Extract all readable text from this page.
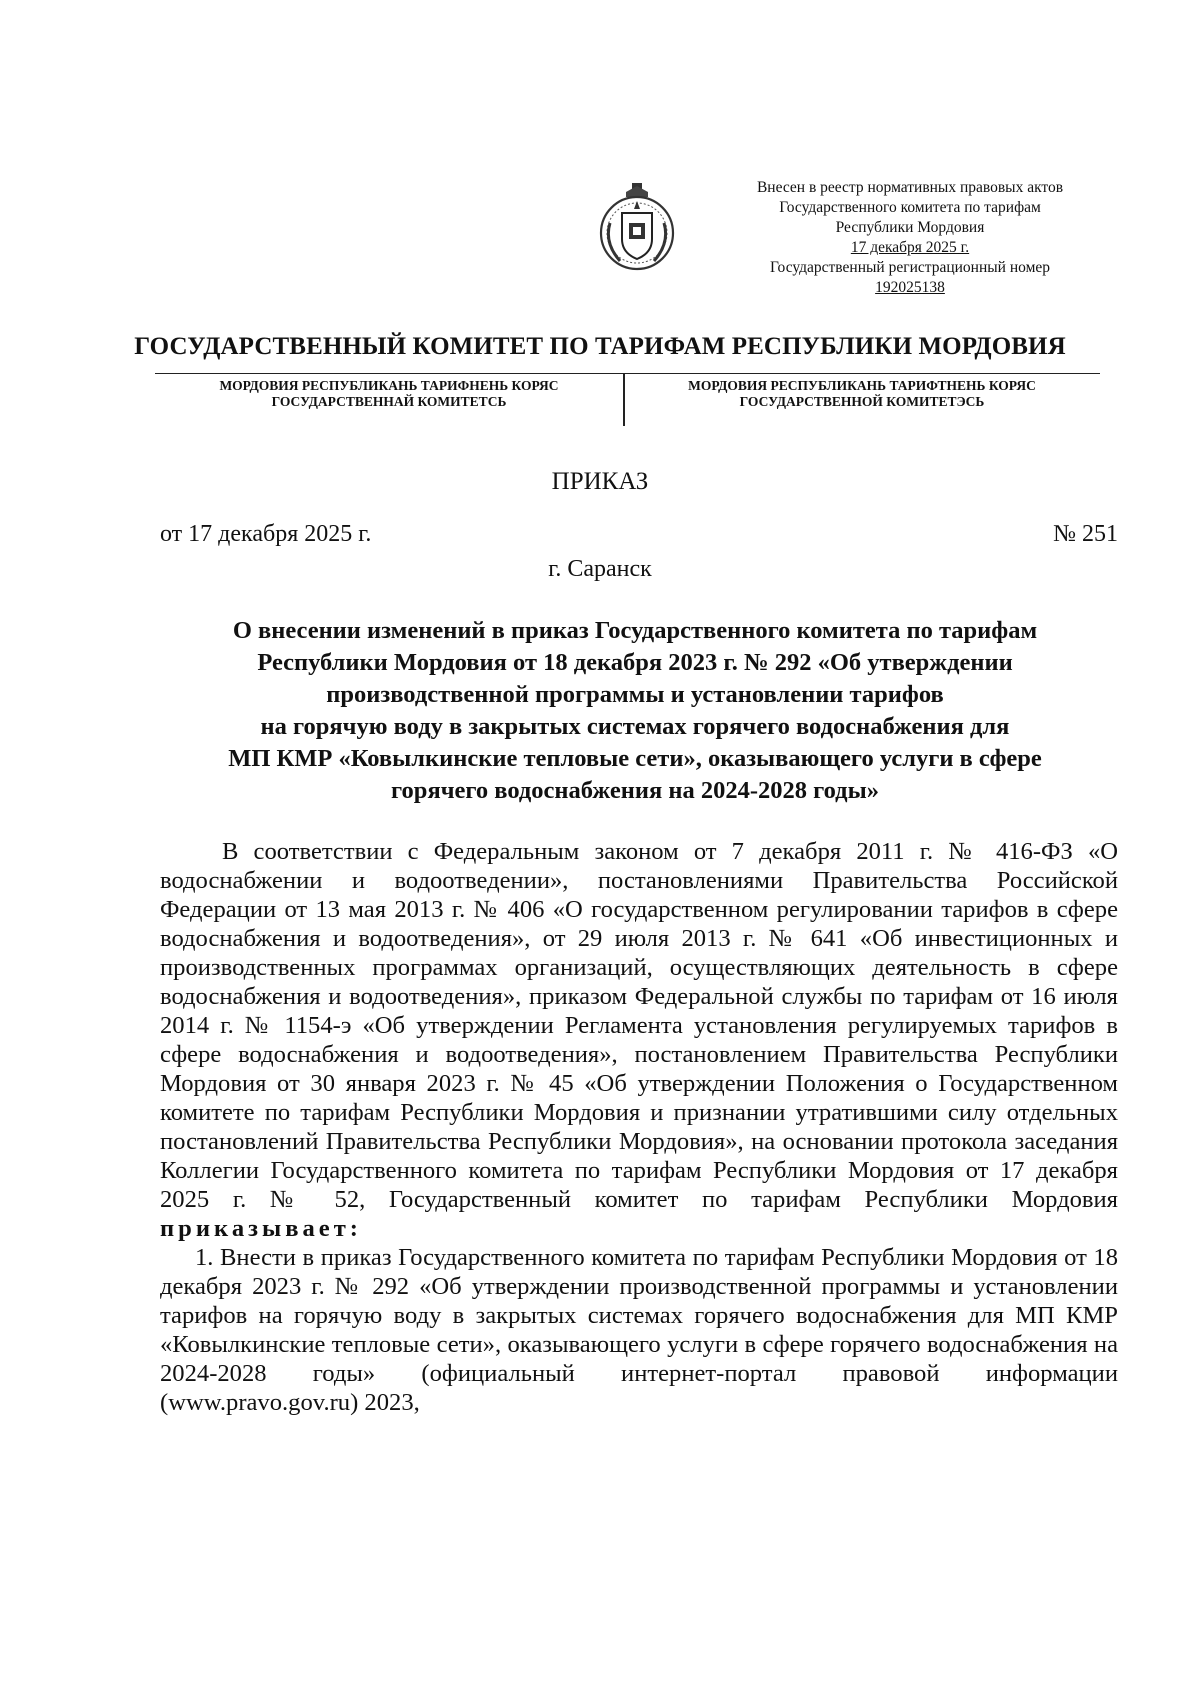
Внесен в реестр нормативных правовых актов
Государственного комитета по тарифам
Республики Мордовия
17 декабря 2025 г.
Государственный регистрационный номер
192025138
ГОСУДАРСТВЕННЫЙ КОМИТЕТ ПО ТАРИФАМ РЕСПУБЛИКИ МОРДОВИЯ
МОРДОВИЯ РЕСПУБЛИКАНЬ ТАРИФНЕНЬ КОРЯС
ГОСУДАРСТВЕННАЙ КОМИТЕТСЬ
МОРДОВИЯ РЕСПУБЛИКАНЬ ТАРИФТНЕНЬ КОРЯС
ГОСУДАРСТВЕННОЙ КОМИТЕТЭСЬ
ПРИКАЗ
от 17 декабря 2025 г.	№ 251
г. Саранск
О внесении изменений в приказ Государственного комитета по тарифам
Республики Мордовия от 18 декабря 2023 г. № 292 «Об утверждении
производственной программы и установлении тарифов
на горячую воду в закрытых системах горячего водоснабжения для
МП КМР «Ковылкинские тепловые сети», оказывающего услуги в сфере
горячего водоснабжения на 2024-2028 годы»

В соответствии с Федеральным законом от 7 декабря 2011 г. № 416-ФЗ «О водоснабжении и водоотведении», постановлениями Правительства Российской Федерации от 13 мая 2013 г. № 406 «О государственном регулировании тарифов в сфере водоснабжения и водоотведения», от 29 июля 2013 г. № 641 «Об инвестиционных и производственных программах организаций, осуществляющих деятельность в сфере водоснабжения и водоотведения», приказом Федеральной службы по тарифам от 16 июля 2014 г. № 1154-э «Об утверждении Регламента установления регулируемых тарифов в сфере водоснабжения и водоотведения», постановлением Правительства Республики Мордовия от 30 января 2023 г. № 45 «Об утверждении Положения о Государственном комитете по тарифам Республики Мордовия и признании утратившими силу отдельных постановлений Правительства Республики Мордовия», на основании протокола заседания Коллегии Государственного комитета по тарифам Республики Мордовия от 17 декабря 2025 г. № 52, Государственный комитет по тарифам Республики Мордовия приказывает:

1. Внести в приказ Государственного комитета по тарифам Республики Мордовия от 18 декабря 2023 г. № 292 «Об утверждении производственной программы и установлении тарифов на горячую воду в закрытых системах горячего водоснабжения для МП КМР «Ковылкинские тепловые сети», оказывающего услуги в сфере горячего водоснабжения на 2024-2028 годы» (официальный интернет-портал правовой информации (www.pravo.gov.ru) 2023,
